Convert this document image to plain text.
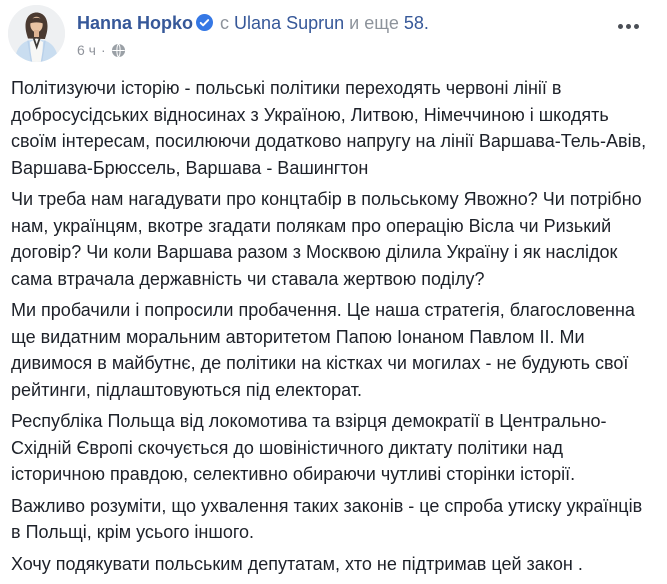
Hanna Hopko с Ulana Suprun и еще 58.
6 ч ·

Політизуючи історію - польські політики переходять червоні лінії в добросусідських відносинах з Україною, Литвою, Німеччиною і шкодять своїм інтересам, посилюючи додатково напругу на лінії Варшава-Тель-Авів, Варшава-Брюссель, Варшава - Вашингтон

Чи треба нам нагадувати про концтабір в польському Явожно? Чи потрібно нам, українцям, вкотре згадати полякам про операцію Вісла чи Ризький договір? Чи коли Варшава разом з Москвою ділила Україну і як наслідок сама втрачала державність чи ставала жертвою поділу?

Ми пробачили і попросили пробачення. Це наша стратегія, благословенна ще видатним моральним авторитетом Папою Іонаном Павлом II. Ми дивимося в майбутнє, де політики на кістках чи могилах - не будують свої рейтинги, підлаштовуються під електорат.

Республіка Польща від локомотива та взірця демократії в Центрально-Східній Європі скочується до шовіністичного диктату політики над історичною правдою, селективно обираючи чутливі сторінки історії.

Важливо розуміти, що ухвалення таких законів - це спроба утиску українців в Польщі, крім усього іншого.

Хочу подякувати польським депутатам, хто не підтримав цей закон .
